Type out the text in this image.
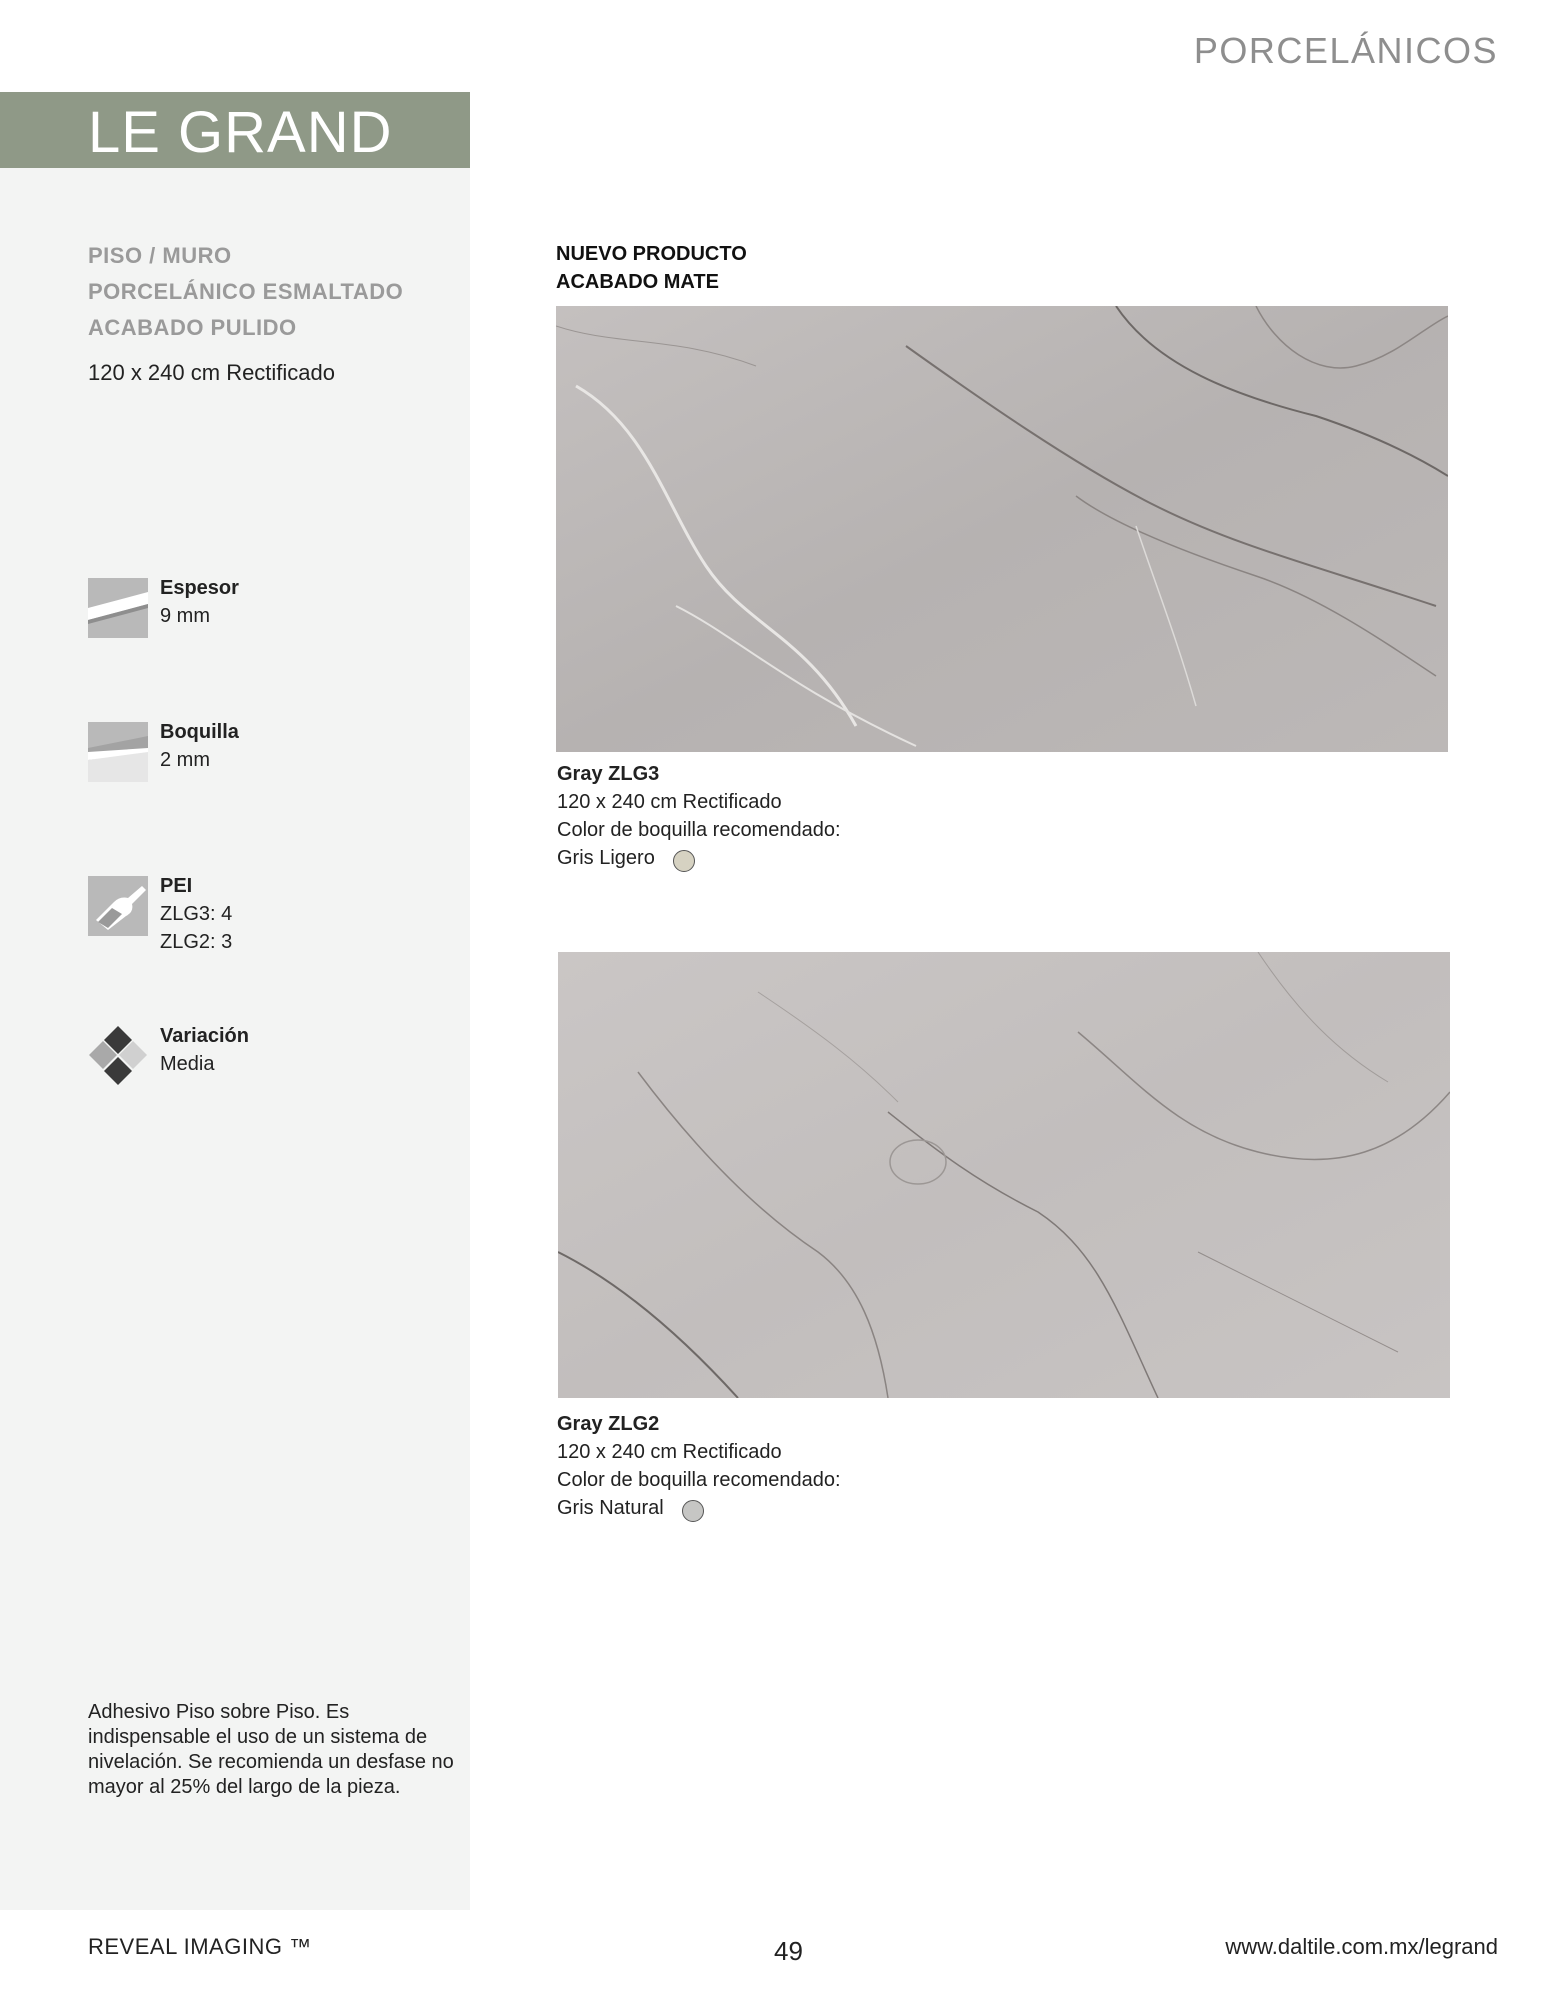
LE GRAND
PORCELÁNICOS
PISO / MURO
PORCELÁNICO ESMALTADO
ACABADO PULIDO
120 x 240 cm Rectificado
Espesor
9 mm
Boquilla
2 mm
PEI
ZLG3: 4
ZLG2: 3
Variación
Media
Adhesivo Piso sobre Piso. Es indispensable el uso de un sistema de nivelación. Se recomienda un desfase no mayor al 25% del largo de la pieza.
NUEVO PRODUCTO
ACABADO MATE
Gray ZLG3
120 x 240 cm Rectificado
Color de boquilla recomendado:
Gris Ligero
Gray ZLG2
120 x 240 cm Rectificado
Color de boquilla recomendado:
Gris Natural
REVEAL IMAGING ™	49	www.daltile.com.mx/legrand
